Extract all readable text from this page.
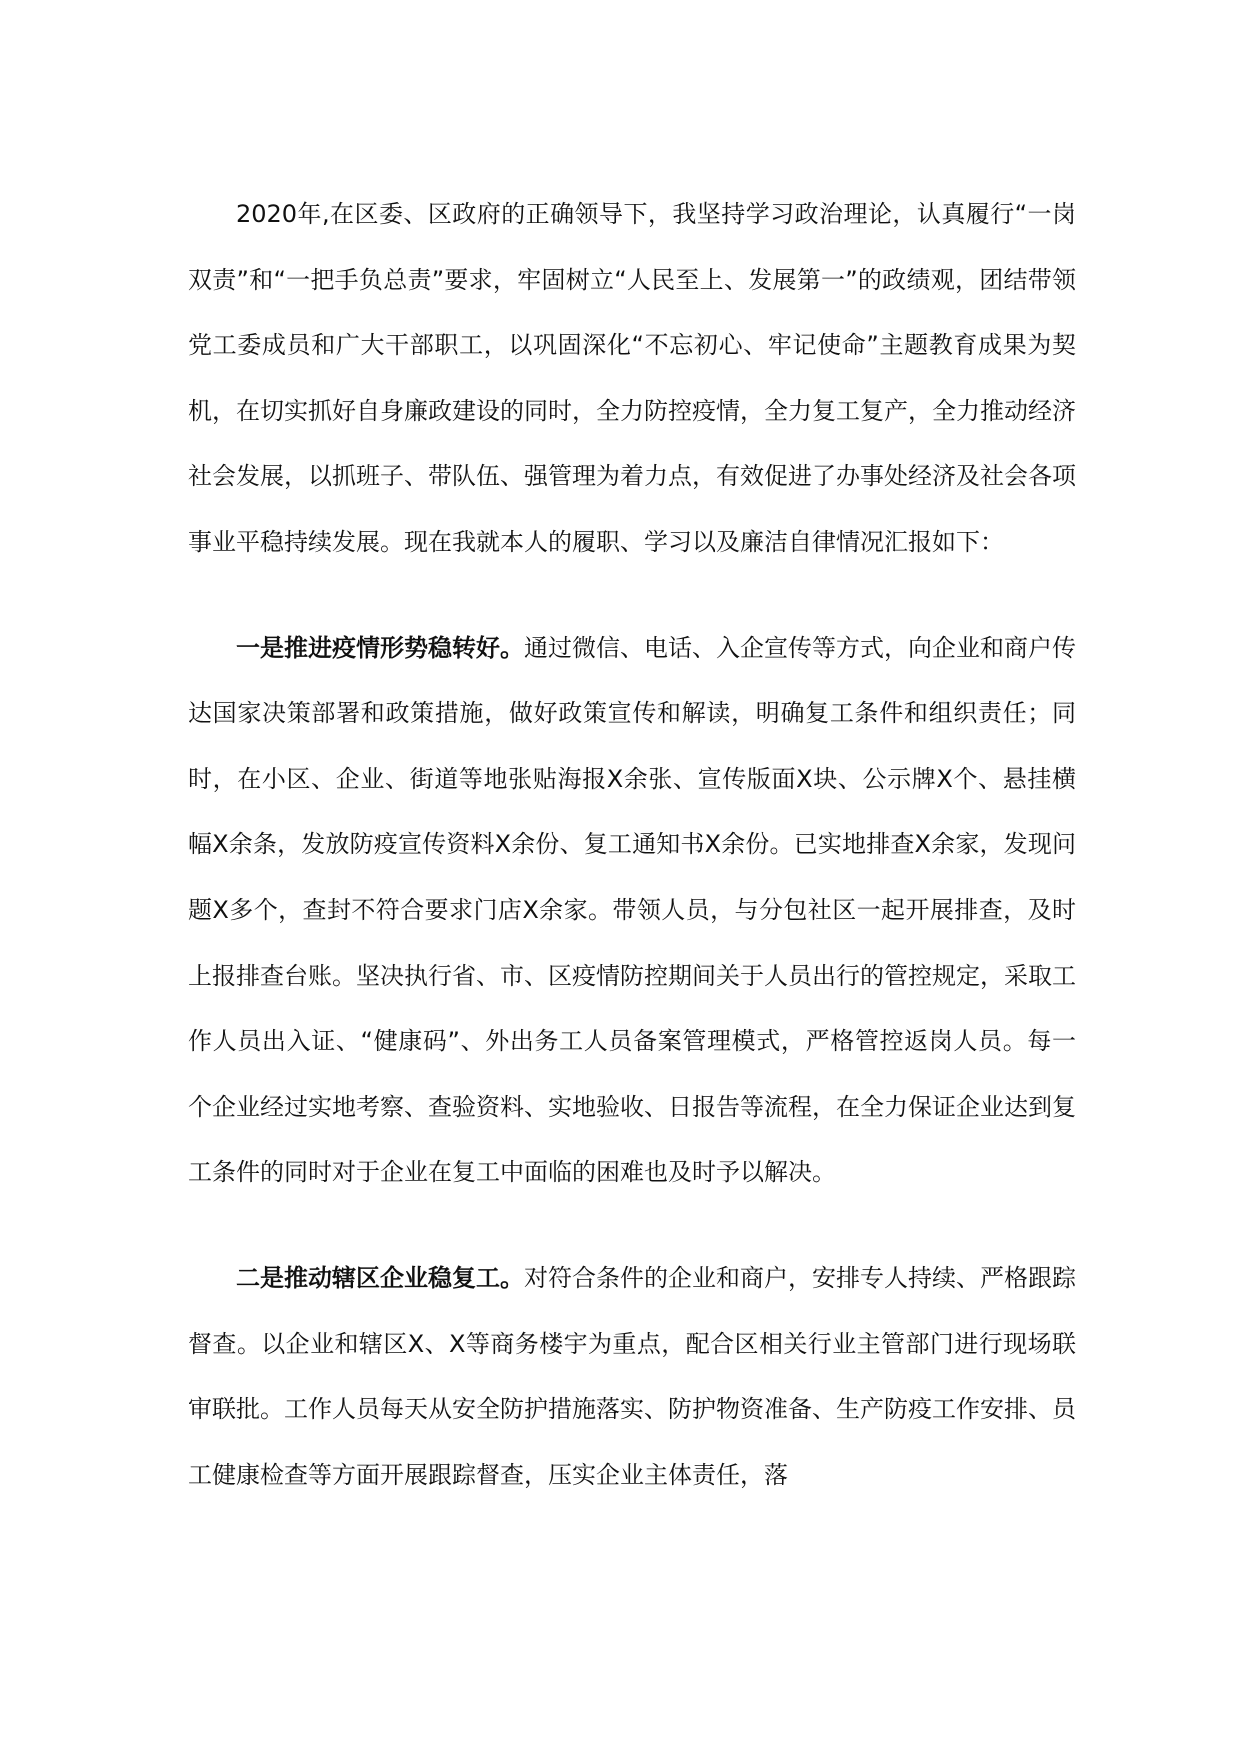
2020年,在区委、区政府的正确领导下，我坚持学习政治理论，认真履行“一岗双责”和“一把手负总责”要求，牢固树立“人民至上、发展第一”的政绩观，团结带领党工委成员和广大干部职工，以巩固深化“不忘初心、牢记使命”主题教育成果为契机，在切实抓好自身廉政建设的同时，全力防控疫情，全力复工复产，全力推动经济社会发展，以抓班子、带队伍、强管理为着力点，有效促进了办事处经济及社会各项事业平稳持续发展。现在我就本人的履职、学习以及廉洁自律情况汇报如下：

一是推进疫情形势稳转好。通过微信、电话、入企宣传等方式，向企业和商户传达国家决策部署和政策措施，做好政策宣传和解读，明确复工条件和组织责任；同时，在小区、企业、街道等地张贴海报X余张、宣传版面X块、公示牌X个、悬挂横幅X余条，发放防疫宣传资料X余份、复工通知书X余份。已实地排查X余家，发现问题X多个，查封不符合要求门店X余家。带领人员，与分包社区一起开展排查，及时上报排查台账。坚决执行省、市、区疫情防控期间关于人员出行的管控规定，采取工作人员出入证、“健康码”、外出务工人员备案管理模式，严格管控返岗人员。每一个企业经过实地考察、查验资料、实地验收、日报告等流程，在全力保证企业达到复工条件的同时对于企业在复工中面临的困难也及时予以解决。

二是推动辖区企业稳复工。对符合条件的企业和商户，安排专人持续、严格跟踪督查。以企业和辖区X、X等商务楼宇为重点，配合区相关行业主管部门进行现场联审联批。工作人员每天从安全防护措施落实、防护物资准备、生产防疫工作安排、员工健康检查等方面开展跟踪督查，压实企业主体责任，落
